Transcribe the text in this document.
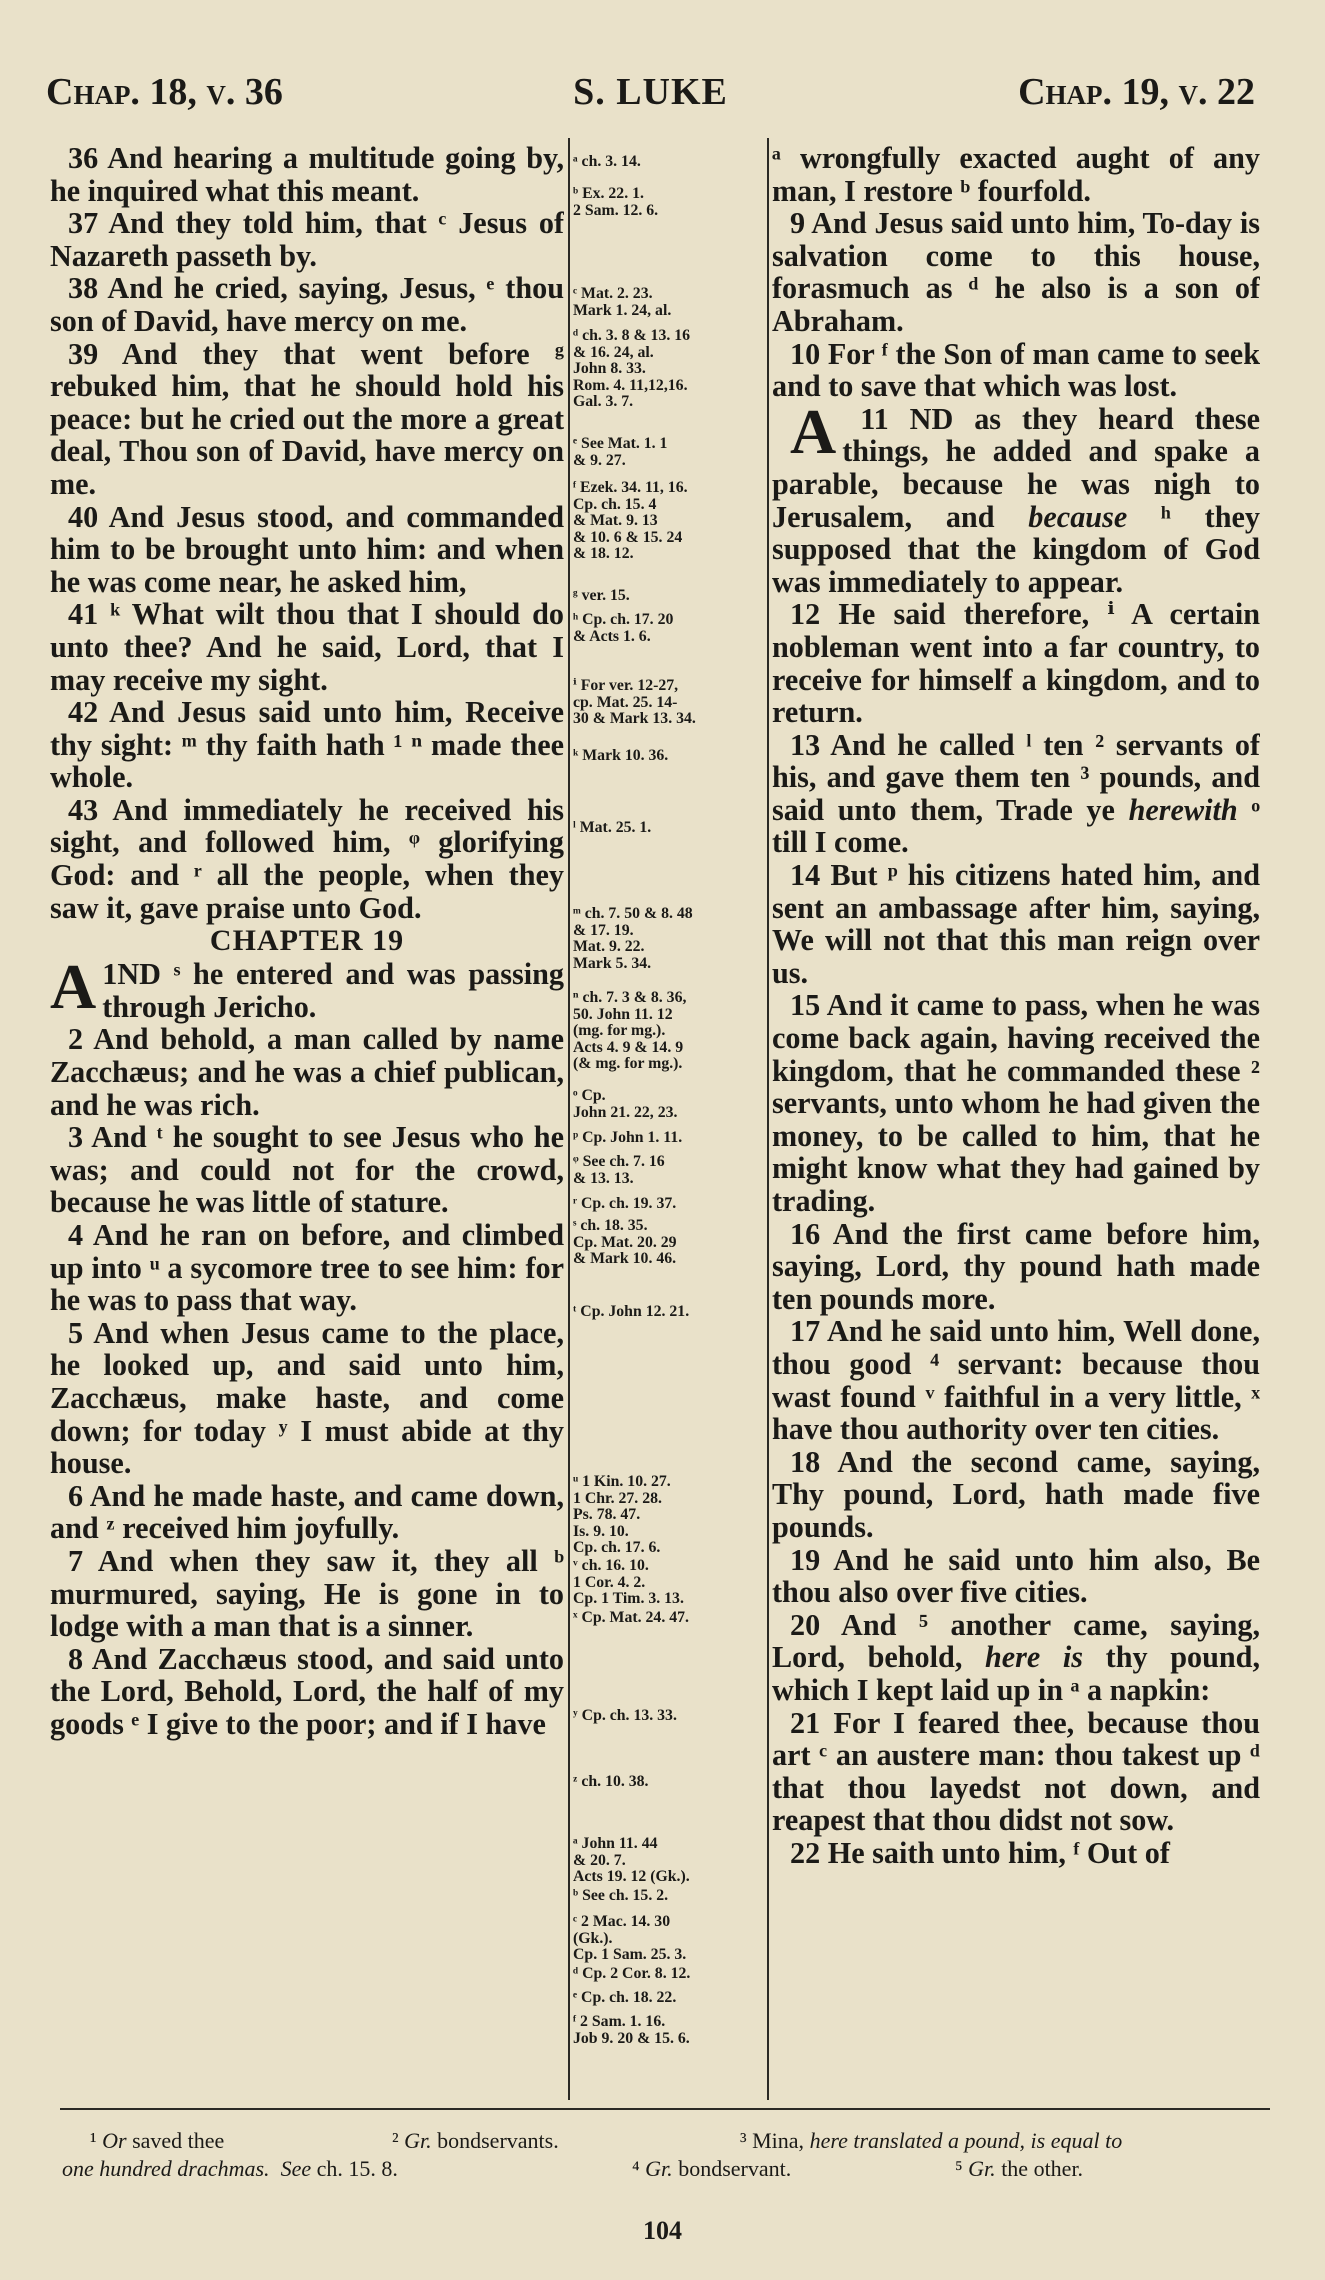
Chap. 18, v. 36	S. LUKE	Chap. 19, v. 22

36 And hearing a multitude going by, he inquired what this meant.

37 And they told him, that ᶜ Jesus of Nazareth passeth by.

38 And he cried, saying, Jesus, ᵉ thou son of David, have mercy on me.

39 And they that went before ᵍ rebuked him, that he should hold his peace: but he cried out the more a great deal, Thou son of David, have mercy on me.

40 And Jesus stood, and commanded him to be brought unto him: and when he was come near, he asked him,

41 ᵏ What wilt thou that I should do unto thee? And he said, Lord, that I may receive my sight.

42 And Jesus said unto him, Receive thy sight: ᵐ thy faith hath ¹ ⁿ made thee whole.

43 And immediately he received his sight, and followed him, ᵠ glorifying God: and ʳ all the people, when they saw it, gave praise unto God.

CHAPTER 19

1
A ND ˢ he entered and was passing through Jericho.

2 And behold, a man called by name Zacchæus; and he was a chief publican, and he was rich.

3 And ᵗ he sought to see Jesus who he was; and could not for the crowd, because he was little of stature.

4 And he ran on before, and climbed up into ᵘ a sycomore tree to see him: for he was to pass that way.

5 And when Jesus came to the place, he looked up, and said unto him, Zacchæus, make haste, and come down; for today ʸ I must abide at thy house.

6 And he made haste, and came down, and ᶻ received him joyfully.

7 And when they saw it, they all ᵇ murmured, saying, He is gone in to lodge with a man that is a sinner.

8 And Zacchæus stood, and said unto the Lord, Behold, Lord, the half of my goods ᵉ I give to the poor; and if I have

ᵃ ch. 3. 14.
ᵇ Ex. 22. 1.
2 Sam. 12. 6.
ᶜ Mat. 2. 23.
Mark 1. 24, al.
ᵈ ch. 3. 8 & 13. 16
& 16. 24, al.
John 8. 33.
Rom. 4. 11,12,16.
Gal. 3. 7.
ᵉ See Mat. 1. 1
& 9. 27.
ᶠ Ezek. 34. 11, 16.
Cp. ch. 15. 4
& Mat. 9. 13
& 10. 6 & 15. 24
& 18. 12.
ᵍ ver. 15.
ʰ Cp. ch. 17. 20
& Acts 1. 6.
ⁱ For ver. 12-27,
cp. Mat. 25. 14-
30 & Mark 13. 34.
ᵏ Mark 10. 36.
ˡ Mat. 25. 1.
ᵐ ch. 7. 50 & 8. 48
& 17. 19.
Mat. 9. 22.
Mark 5. 34.
ⁿ ch. 7. 3 & 8. 36,
50. John 11. 12
(mg. for mg.).
Acts 4. 9 & 14. 9
(& mg. for mg.).
ᵒ Cp.
John 21. 22, 23.
ᵖ Cp. John 1. 11.
ᵠ See ch. 7. 16
& 13. 13.
ʳ Cp. ch. 19. 37.
ˢ ch. 18. 35.
Cp. Mat. 20. 29
& Mark 10. 46.
ᵗ Cp. John 12. 21.
ᵘ 1 Kin. 10. 27.
1 Chr. 27. 28.
Ps. 78. 47.
Is. 9. 10.
Cp. ch. 17. 6.
ᵛ ch. 16. 10.
1 Cor. 4. 2.
Cp. 1 Tim. 3. 13.
ˣ Cp. Mat. 24. 47.
ʸ Cp. ch. 13. 33.
ᶻ ch. 10. 38.
ᵃ John 11. 44
& 20. 7.
Acts 19. 12 (Gk.).
ᵇ See ch. 15. 2.
ᶜ 2 Mac. 14. 30
(Gk.).
Cp. 1 Sam. 25. 3.
ᵈ Cp. 2 Cor. 8. 12.
ᵉ Cp. ch. 18. 22.
ᶠ 2 Sam. 1. 16.
Job 9. 20 & 15. 6.

ᵃ wrongfully exacted aught of any man, I restore ᵇ fourfold.

9 And Jesus said unto him, To-day is salvation come to this house, forasmuch as ᵈ he also is a son of Abraham.

10 For ᶠ the Son of man came to seek and to save that which was lost.

11
A ND as they heard these things, he added and spake a parable, because he was nigh to Jerusalem, and because ʰ they supposed that the kingdom of God was immediately to appear.

12 He said therefore, ⁱ A certain nobleman went into a far country, to receive for himself a kingdom, and to return.

13 And he called ˡ ten ² servants of his, and gave them ten ³ pounds, and said unto them, Trade ye herewith ᵒ till I come.

14 But ᵖ his citizens hated him, and sent an ambassage after him, saying, We will not that this man reign over us.

15 And it came to pass, when he was come back again, having received the kingdom, that he commanded these ² servants, unto whom he had given the money, to be called to him, that he might know what they had gained by trading.

16 And the first came before him, saying, Lord, thy pound hath made ten pounds more.

17 And he said unto him, Well done, thou good ⁴ servant: because thou wast found ᵛ faithful in a very little, ˣ have thou authority over ten cities.

18 And the second came, saying, Thy pound, Lord, hath made five pounds.

19 And he said unto him also, Be thou also over five cities.

20 And ⁵ another came, saying, Lord, behold, here is thy pound, which I kept laid up in ᵃ a napkin:

21 For I feared thee, because thou art ᶜ an austere man: thou takest up ᵈ that thou layedst not down, and reapest that thou didst not sow.

22 He saith unto him, ᶠ Out of

¹ Or saved thee	² Gr. bondservants.	³ Mina, here translated a pound, is equal to
one hundred drachmas. See ch. 15. 8.	⁴ Gr. bondservant.	⁵ Gr. the other.
104
